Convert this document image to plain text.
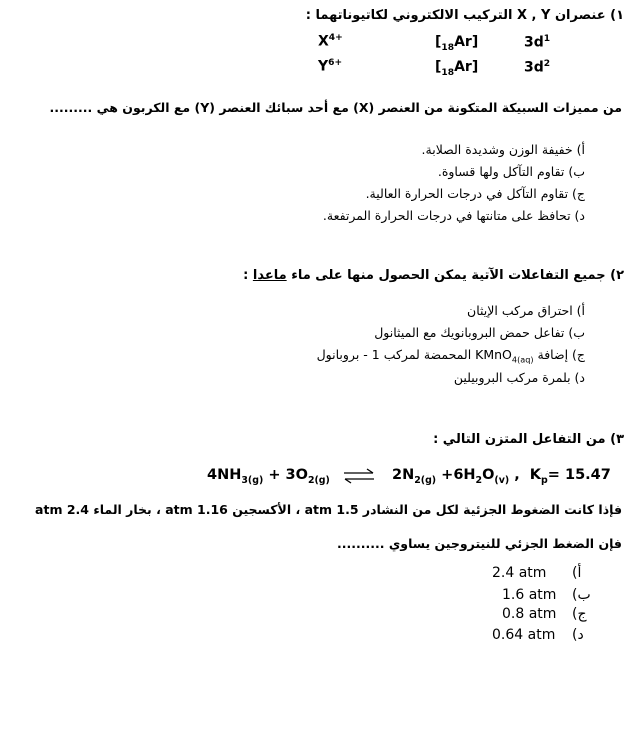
١) عنصران X , Y التركيب الالكتروني لكاتيوناتهما :
$X^{4+}$	$[_{18}Ar]$	$3d^1$
$Y^{6+}$	$[_{18}Ar]$	$3d^2$
من مميزات السبيكة المتكونة من العنصر (X) مع أحد سبائك العنصر (Y) مع الكربون هي .........
أ) خفيفة الوزن وشديدة الصلابة.
ب) تقاوم التآكل ولها قساوة.
ج) تقاوم التآكل في درجات الحرارة العالية.
د) تحافظ على متانتها في درجات الحرارة المرتفعة.
٢) جميع التفاعلات الآتية يمكن الحصول منها على ماء ماعدا :
أ) احتراق مركب الإيثان
ب) تفاعل حمض البروبانويك مع الميثانول
ج) إضافة KMnO$_{4(aq)}$ المحمضة لمركب 1 - بروبانول
د) بلمرة مركب البروبيلين
٣) من التفاعل المتزن التالي :
$4NH_{3(g)} + 3O_{2(g)}$ ⇌ $2N_{2(g)} +6H_2O_{(v)}$ ,  $K_p= 15.47$
فإذا كانت الضغوط الجزئية لكل من النشادر 1.5 atm ، الأكسجين 1.16 atm ، بخار الماء 2.4 atm
فإن الضغط الجزئي للنيتروجين يساوي ..........
2.4 atm أ)
1.6 atm ب)
0.8 atm ج)
0.64 atm د)
